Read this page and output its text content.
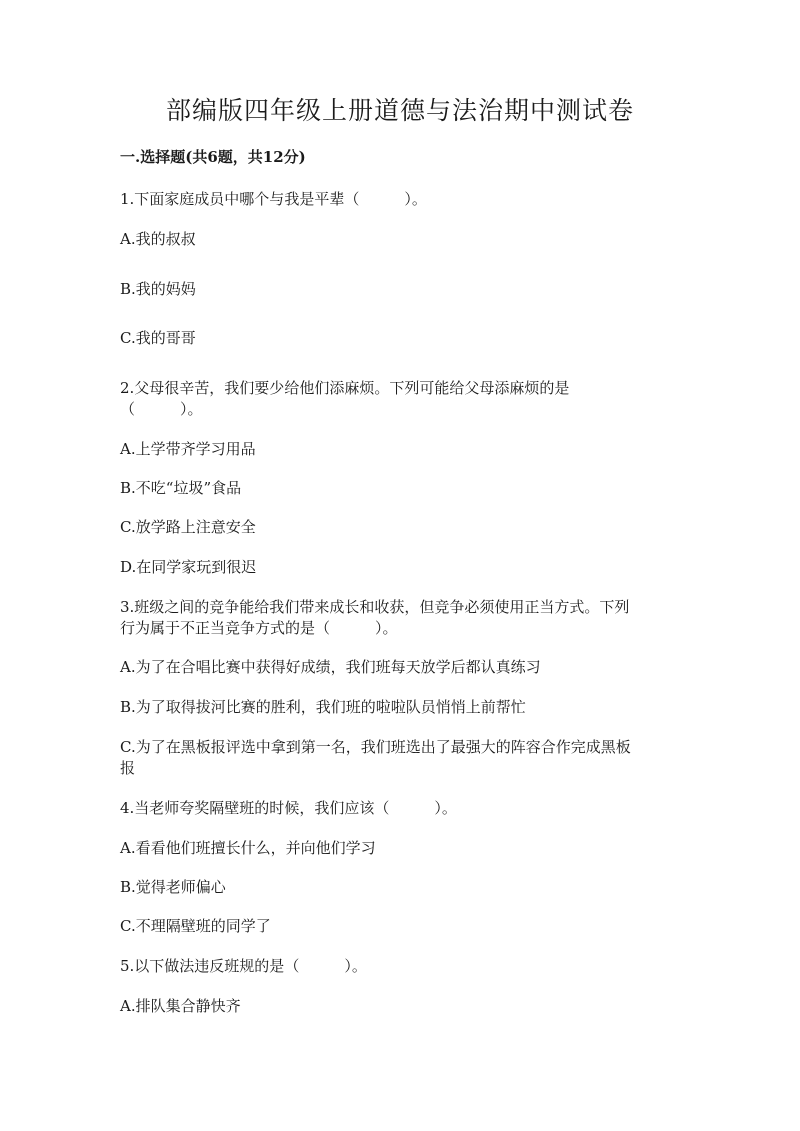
部编版四年级上册道德与法治期中测试卷
一.选择题(共6题，共12分)
1.下面家庭成员中哪个与我是平辈（　　　）。
A.我的叔叔
B.我的妈妈
C.我的哥哥
2.父母很辛苦，我们要少给他们添麻烦。下列可能给父母添麻烦的是
（　　　）。
A.上学带齐学习用品
B.不吃“垃圾”食品
C.放学路上注意安全
D.在同学家玩到很迟
3.班级之间的竞争能给我们带来成长和收获，但竞争必须使用正当方式。下列
行为属于不正当竞争方式的是（　　　）。
A.为了在合唱比赛中获得好成绩，我们班每天放学后都认真练习
B.为了取得拔河比赛的胜利，我们班的啦啦队员悄悄上前帮忙
C.为了在黑板报评选中拿到第一名，我们班选出了最强大的阵容合作完成黑板
报
4.当老师夸奖隔壁班的时候，我们应该（　　　）。
A.看看他们班擅长什么，并向他们学习
B.觉得老师偏心
C.不理隔壁班的同学了
5.以下做法违反班规的是（　　　）。
A.排队集合静快齐
